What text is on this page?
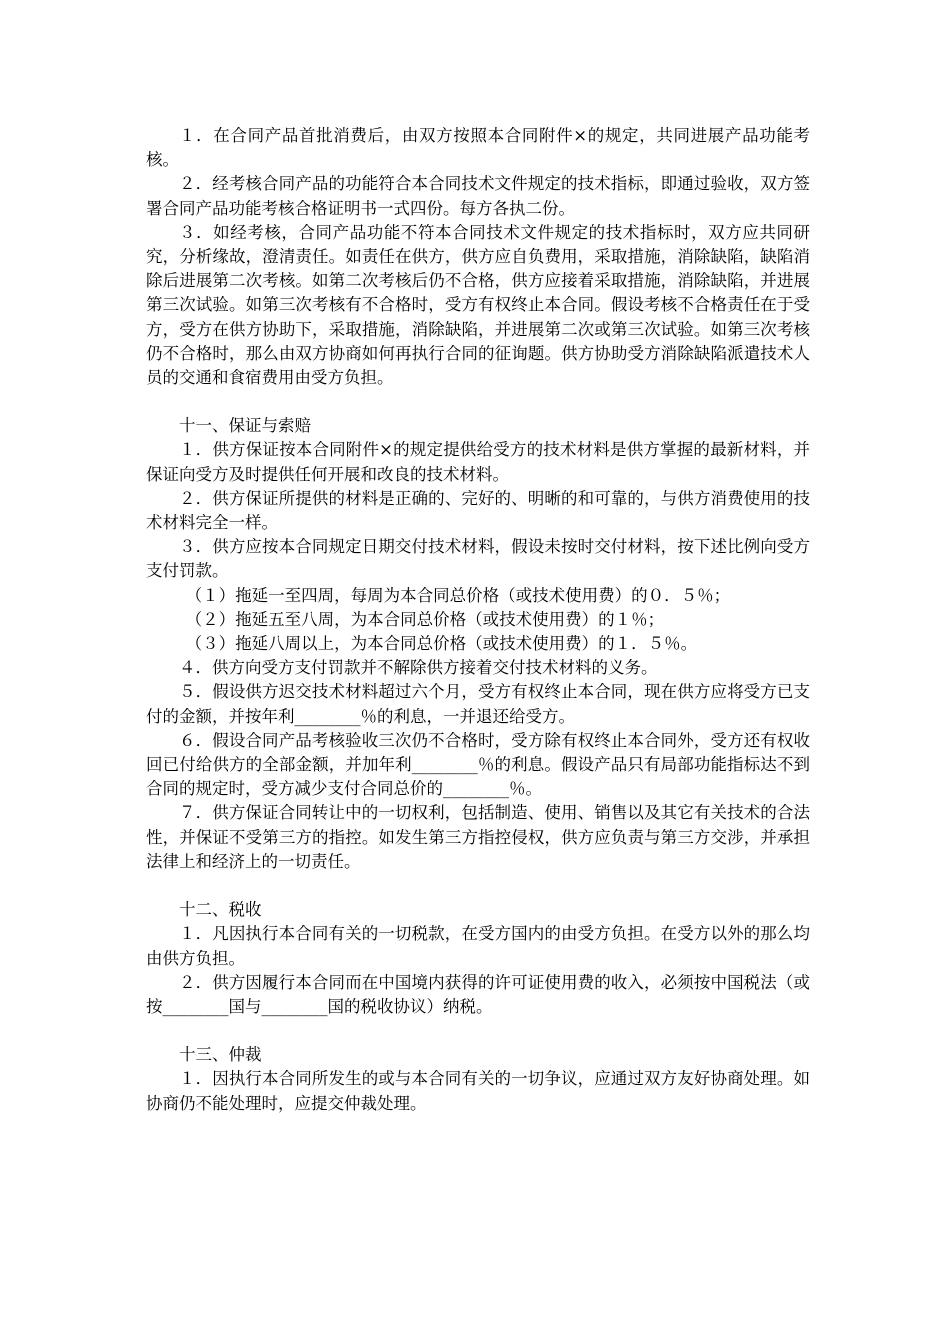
１．在合同产品首批消费后，由双方按照本合同附件×的规定，共同进展产品功能考核。

２．经考核合同产品的功能符合本合同技术文件规定的技术指标，即通过验收，双方签署合同产品功能考核合格证明书一式四份。每方各执二份。

３．如经考核，合同产品功能不符本合同技术文件规定的技术指标时，双方应共同研究，分析缘故，澄清责任。如责任在供方，供方应自负费用，采取措施，消除缺陷，缺陷消除后进展第二次考核。如第二次考核后仍不合格，供方应接着采取措施，消除缺陷，并进展第三次试验。如第三次考核有不合格时，受方有权终止本合同。假设考核不合格责任在于受方，受方在供方协助下，采取措施，消除缺陷，并进展第二次或第三次试验。如第三次考核仍不合格时，那么由双方协商如何再执行合同的征询题。供方协助受方消除缺陷派遣技术人员的交通和食宿费用由受方负担。

十一、保证与索赔

１．供方保证按本合同附件×的规定提供给受方的技术材料是供方掌握的最新材料，并保证向受方及时提供任何开展和改良的技术材料。

２．供方保证所提供的材料是正确的、完好的、明晰的和可靠的，与供方消费使用的技术材料完全一样。

３．供方应按本合同规定日期交付技术材料，假设未按时交付材料，按下述比例向受方支付罚款。

（１）拖延一至四周，每周为本合同总价格（或技术使用费）的０．５％；

（２）拖延五至八周，为本合同总价格（或技术使用费）的１％；

（３）拖延八周以上，为本合同总价格（或技术使用费）的１．５％。

４．供方向受方支付罚款并不解除供方接着交付技术材料的义务。

５．假设供方迟交技术材料超过六个月，受方有权终止本合同，现在供方应将受方已支付的金额，并按年利________％的利息，一并退还给受方。

６．假设合同产品考核验收三次仍不合格时，受方除有权终止本合同外，受方还有权收回已付给供方的全部金额，并加年利________％的利息。假设产品只有局部功能指标达不到合同的规定时，受方减少支付合同总价的________％。

７．供方保证合同转让中的一切权利，包括制造、使用、销售以及其它有关技术的合法性，并保证不受第三方的指控。如发生第三方指控侵权，供方应负责与第三方交涉，并承担法律上和经济上的一切责任。

十二、税收

１．凡因执行本合同有关的一切税款，在受方国内的由受方负担。在受方以外的那么均由供方负担。

２．供方因履行本合同而在中国境内获得的许可证使用费的收入，必须按中国税法（或按________国与________国的税收协议）纳税。

十三、仲裁

１．因执行本合同所发生的或与本合同有关的一切争议，应通过双方友好协商处理。如协商仍不能处理时，应提交仲裁处理。
